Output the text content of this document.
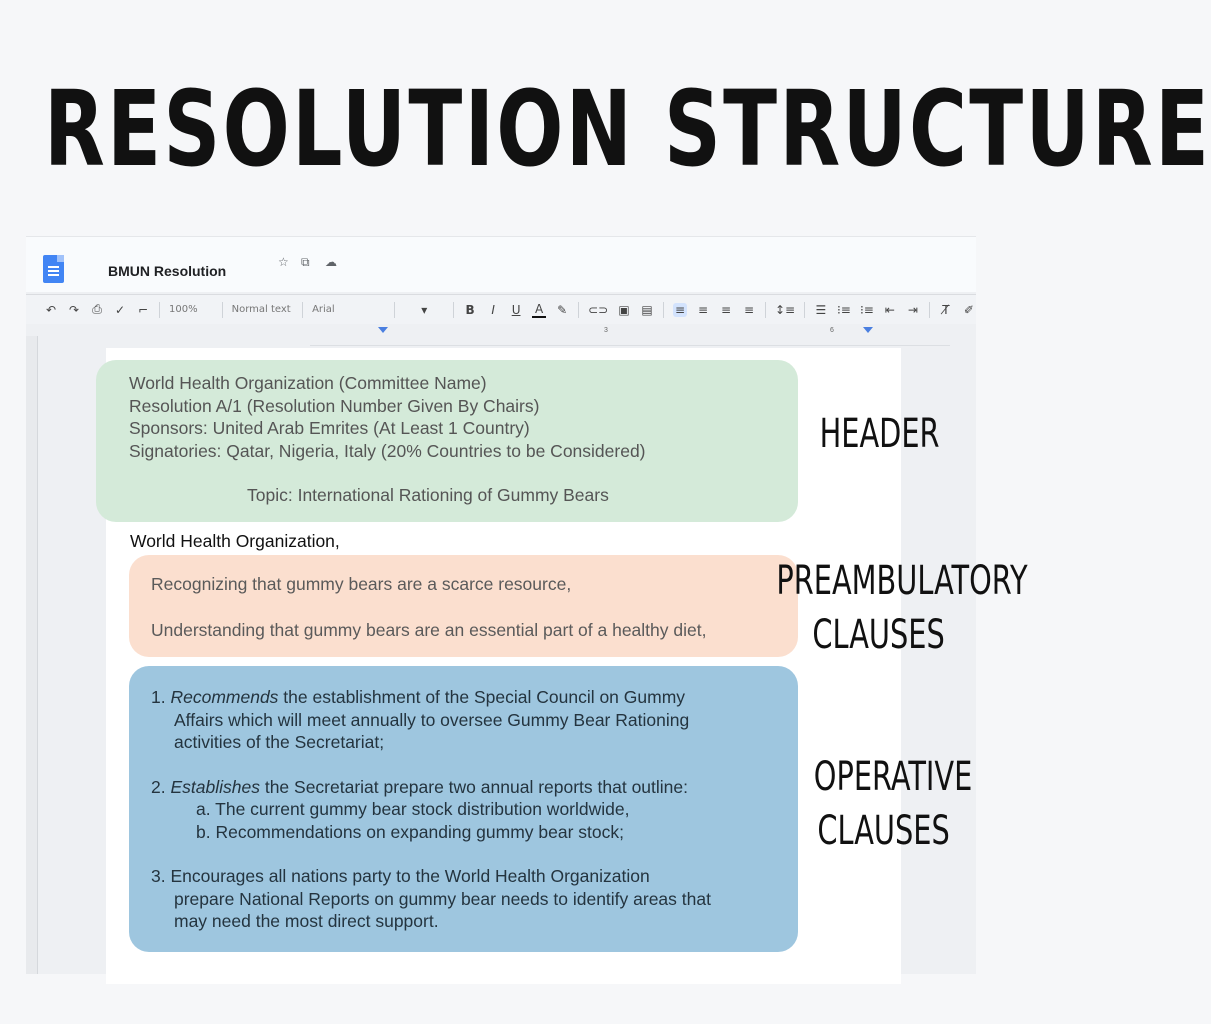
RESOLUTION STRUCTURE
BMUN Resolution
☆ ⧉ ☁
↶ ↷ ⎙ ✓ ⌐ 100%	Normal text Arial	▾	B	I	U A ✎ ⊂⊃ ▣ ▤ ≡ ≡ ≡ ≡ ↕≡ ☰ ⁝≡ ⁝≡ ⇤ ⇥ T̸ ✐
3	6
World Health Organization (Committee Name)
Resolution A/1 (Resolution Number Given By Chairs)
Sponsors: United Arab Emrites (At Least 1 Country)
Signatories: Qatar, Nigeria, Italy (20% Countries to be Considered)
Topic: International Rationing of Gummy Bears
World Health Organization,
Recognizing that gummy bears are a scarce resource,
Understanding that gummy bears are an essential part of a healthy diet,
1. Recommends the establishment of the Special Council on Gummy
Affairs which will meet annually to oversee Gummy Bear Rationing
activities of the Secretariat;
2. Establishes the Secretariat prepare two annual reports that outline:
a. The current gummy bear stock distribution worldwide,
b. Recommendations on expanding gummy bear stock;
3. Encourages all nations party to the World Health Organization
prepare National Reports on gummy bear needs to identify areas that
may need the most direct support.
HEADER
PREAMBULATORY
CLAUSES
OPERATIVE
CLAUSES
